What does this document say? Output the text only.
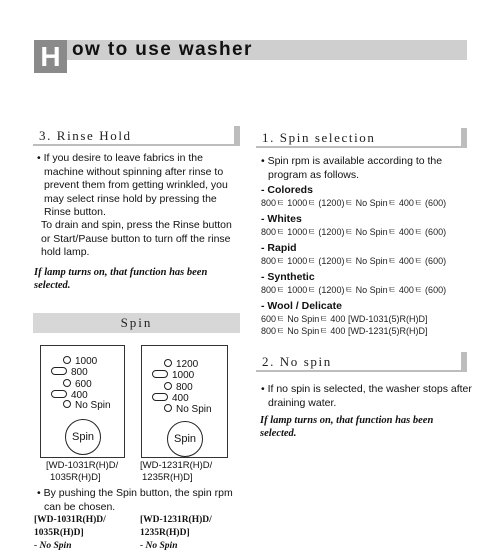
H ow to use washer
3. Rinse Hold
• If you desire to leave fabrics in the machine without spinning after rinse to prevent them from getting wrinkled, you may select rinse hold by pressing the Rinse button.
To drain and spin, press the Rinse button or Start/Pause button to turn off the rinse hold lamp.
If lamp turns on, that function has been selected.
Spin
1000
800
600
400
No Spin
Spin
[WD-1031R(H)D/
1035R(H)D]
1200
1000
800
400
No Spin
Spin
[WD-1231R(H)D/
1235R(H)D]
• By pushing the Spin button, the spin rpm can be chosen.
[WD-1031R(H)D/
1035R(H)D]
- No Spin
[WD-1231R(H)D/
1235R(H)D]
- No Spin
1. Spin selection
• Spin rpm is available according to the program as follows.
- Coloreds
800ㅌ 1000ㅌ (1200)ㅌ No Spinㅌ 400ㅌ (600)
- Whites
800ㅌ 1000ㅌ (1200)ㅌ No Spinㅌ 400ㅌ (600)
- Rapid
800ㅌ 1000ㅌ (1200)ㅌ No Spinㅌ 400ㅌ (600)
- Synthetic
800ㅌ 1000ㅌ (1200)ㅌ No Spinㅌ 400ㅌ (600)
- Wool / Delicate
600ㅌ No Spinㅌ 400 [WD-1031(5)R(H)D]
800ㅌ No Spinㅌ 400 [WD-1231(5)R(H)D]
2. No spin
• If no spin is selected, the washer stops after draining water.
If lamp turns on, that function has been selected.
